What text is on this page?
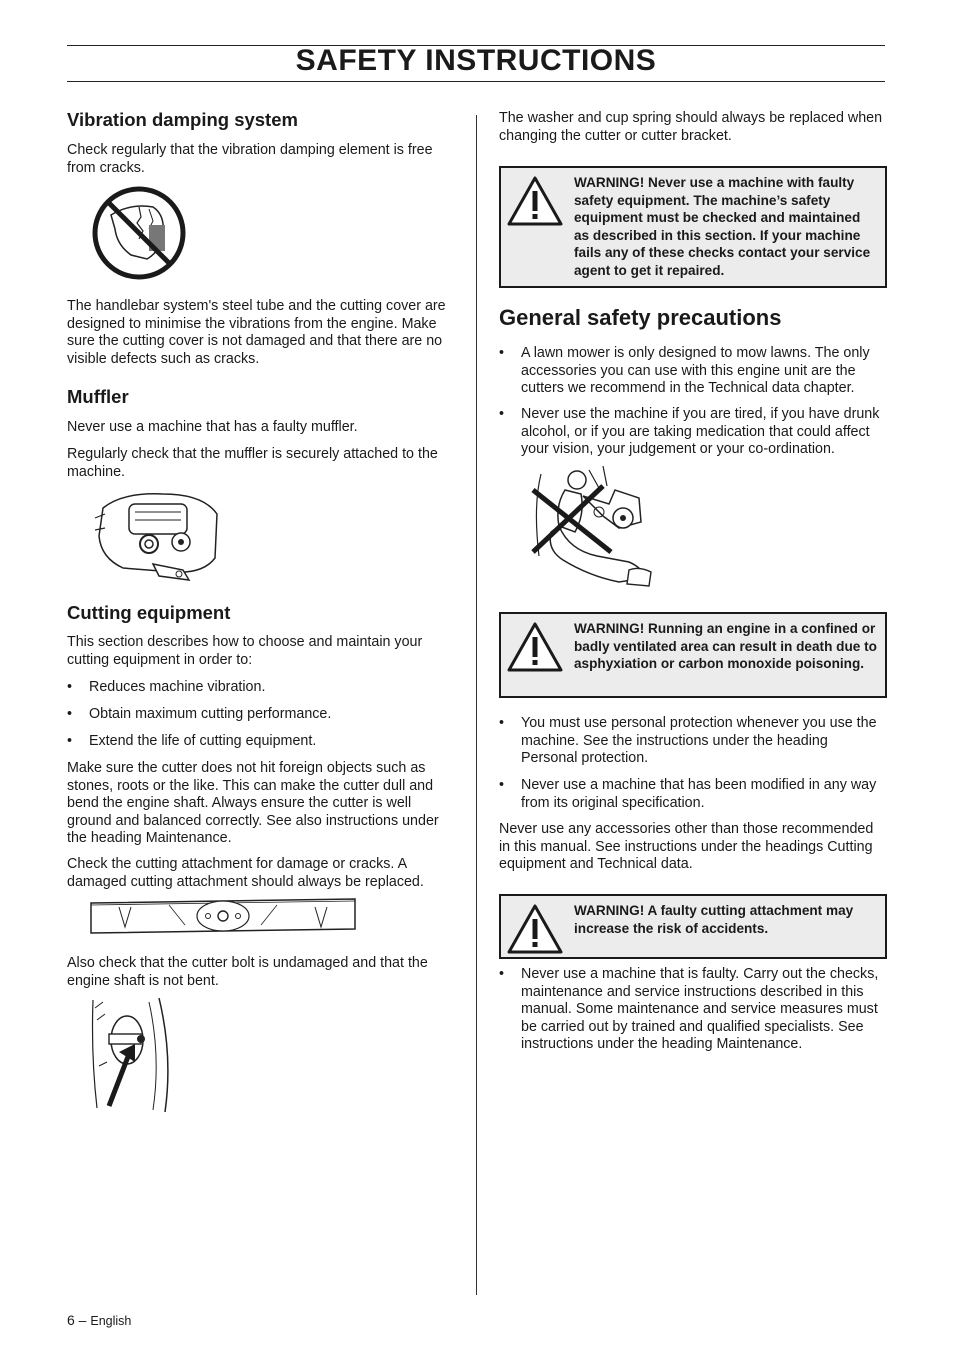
SAFETY INSTRUCTIONS
Vibration damping system

Check regularly that the vibration damping element is free from cracks.

The handlebar system's steel tube and the cutting cover are designed to minimise the vibrations from the engine. Make sure the cutting cover is not damaged and that there are no visible defects such as cracks.

Muffler

Never use a machine that has a faulty muffler.

Regularly check that the muffler is securely attached to the machine.

Cutting equipment

This section describes how to choose and maintain your cutting equipment in order to:

• Reduces machine vibration.
• Obtain maximum cutting performance.
• Extend the life of cutting equipment.

Make sure the cutter does not hit foreign objects such as stones, roots or the like. This can make the cutter dull and bend the engine shaft. Always ensure the cutter is well ground and balanced correctly. See also instructions under the heading Maintenance.

Check the cutting attachment for damage or cracks. A damaged cutting attachment should always be replaced.

Also check that the cutter bolt is undamaged and that the engine shaft is not bent.

The washer and cup spring should always be replaced when changing the cutter or cutter bracket.

WARNING! Never use a machine with faulty safety equipment. The machine’s safety equipment must be checked and maintained as described in this section. If your machine fails any of these checks contact your service agent to get it repaired.
General safety precautions
• A lawn mower is only designed to mow lawns. The only accessories you can use with this engine unit are the cutters we recommend in the Technical data chapter.
• Never use the machine if you are tired, if you have drunk alcohol, or if you are taking medication that could affect your vision, your judgement or your co-ordination.
WARNING! Running an engine in a confined or badly ventilated area can result in death due to asphyxiation or carbon monoxide poisoning.
• You must use personal protection whenever you use the machine. See the instructions under the heading Personal protection.
• Never use a machine that has been modified in any way from its original specification.

Never use any accessories other than those recommended in this manual. See instructions under the headings Cutting equipment and Technical data.

WARNING! A faulty cutting attachment may increase the risk of accidents.
• Never use a machine that is faulty. Carry out the checks, maintenance and service instructions described in this manual. Some maintenance and service measures must be carried out by trained and qualified specialists. See instructions under the heading Maintenance.
6 – English
